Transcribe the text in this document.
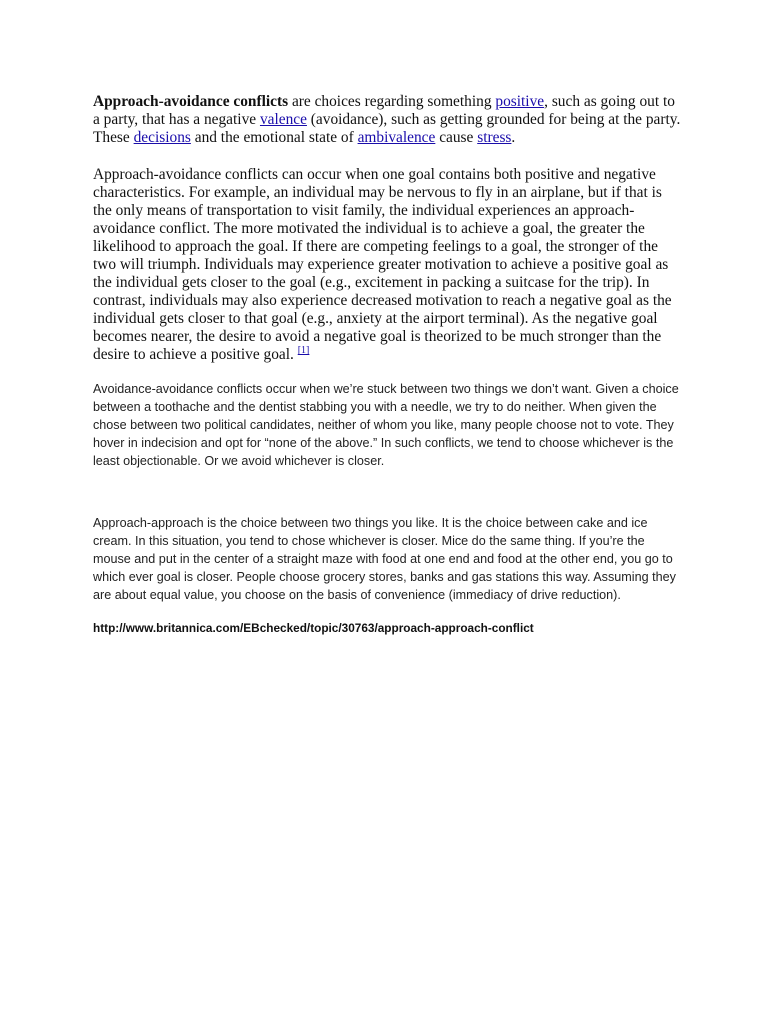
Approach-avoidance conflicts are choices regarding something positive, such as going out to a party, that has a negative valence (avoidance), such as getting grounded for being at the party. These decisions and the emotional state of ambivalence cause stress.

Approach-avoidance conflicts can occur when one goal contains both positive and negative characteristics. For example, an individual may be nervous to fly in an airplane, but if that is the only means of transportation to visit family, the individual experiences an approach-avoidance conflict. The more motivated the individual is to achieve a goal, the greater the likelihood to approach the goal. If there are competing feelings to a goal, the stronger of the two will triumph. Individuals may experience greater motivation to achieve a positive goal as the individual gets closer to the goal (e.g., excitement in packing a suitcase for the trip). In contrast, individuals may also experience decreased motivation to reach a negative goal as the individual gets closer to that goal (e.g., anxiety at the airport terminal). As the negative goal becomes nearer, the desire to avoid a negative goal is theorized to be much stronger than the desire to achieve a positive goal. [1]

Avoidance-avoidance conflicts occur when we’re stuck between two things we don’t want. Given a choice between a toothache and the dentist stabbing you with a needle, we try to do neither. When given the chose between two political candidates, neither of whom you like, many people choose not to vote. They hover in indecision and opt for “none of the above.” In such conflicts, we tend to choose whichever is the least objectionable. Or we avoid whichever is closer.

Approach-approach is the choice between two things you like. It is the choice between cake and ice cream. In this situation, you tend to chose whichever is closer. Mice do the same thing. If you’re the mouse and put in the center of a straight maze with food at one end and food at the other end, you go to which ever goal is closer. People choose grocery stores, banks and gas stations this way. Assuming they are about equal value, you choose on the basis of convenience (immediacy of drive reduction).

http://www.britannica.com/EBchecked/topic/30763/approach-approach-conflict
